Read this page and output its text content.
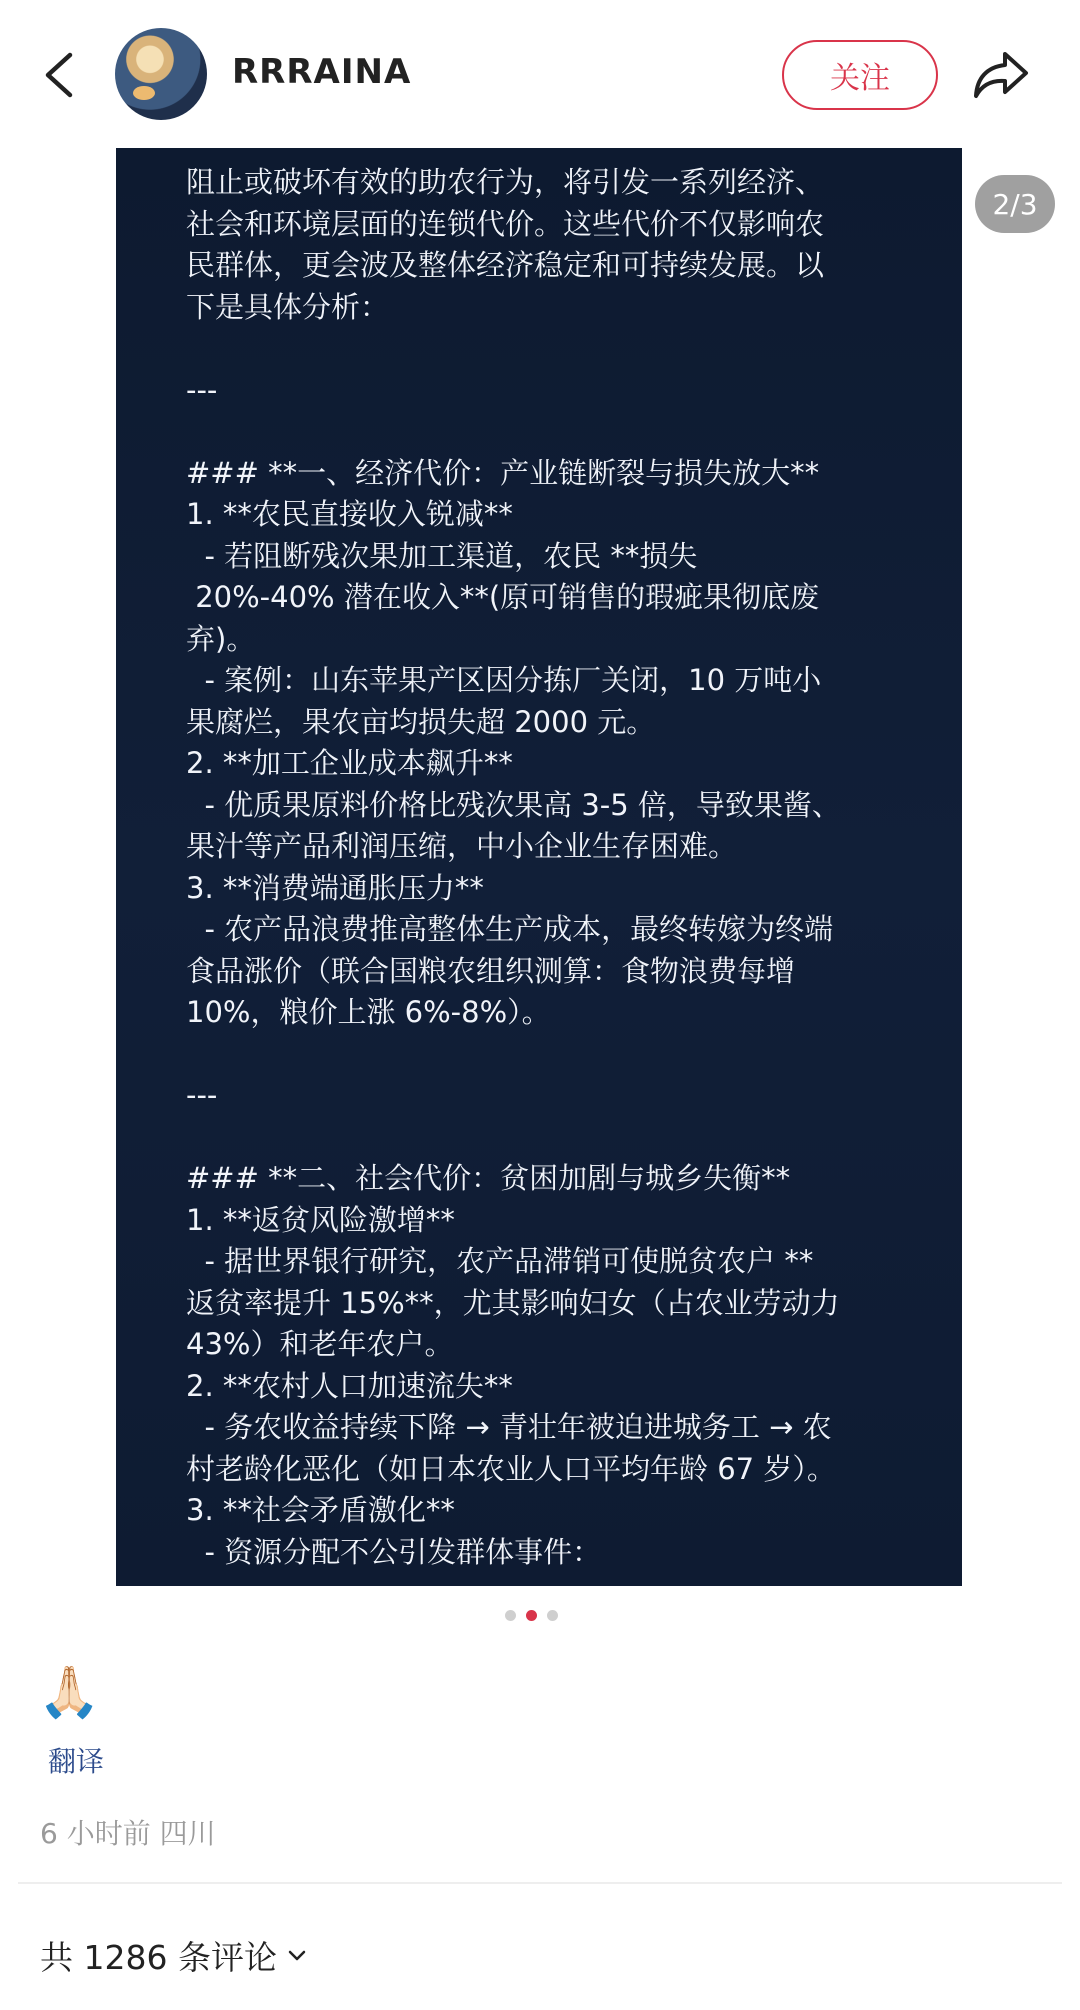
RRRAINA	关注
阻止或破坏有效的助农行为，将引发一系列经济、
社会和环境层面的连锁代价。这些代价不仅影响农
民群体，更会波及整体经济稳定和可持续发展。以
下是具体分析：
---
### **一、经济代价：产业链断裂与损失放大**
1. **农民直接收入锐减**
- 若阻断残次果加工渠道，农民 **损失
20%-40% 潜在收入**(原可销售的瑕疵果彻底废
弃)。
- 案例：山东苹果产区因分拣厂关闭，10 万吨小
果腐烂，果农亩均损失超 2000 元。
2. **加工企业成本飙升**
- 优质果原料价格比残次果高 3-5 倍，导致果酱、
果汁等产品利润压缩，中小企业生存困难。
3. **消费端通胀压力**
- 农产品浪费推高整体生产成本，最终转嫁为终端
食品涨价（联合国粮农组织测算：食物浪费每增
10%，粮价上涨 6%-8%）。
---
### **二、社会代价：贫困加剧与城乡失衡**
1. **返贫风险激增**
- 据世界银行研究，农产品滞销可使脱贫农户 **
返贫率提升 15%**，尤其影响妇女（占农业劳动力
43%）和老年农户。
2. **农村人口加速流失**
- 务农收益持续下降 → 青壮年被迫进城务工 → 农
村老龄化恶化（如日本农业人口平均年龄 67 岁）。
3. **社会矛盾激化**
- 资源分配不公引发群体事件：
2/3
🙏🏻
翻译
6 小时前 四川
共 1286 条评论
